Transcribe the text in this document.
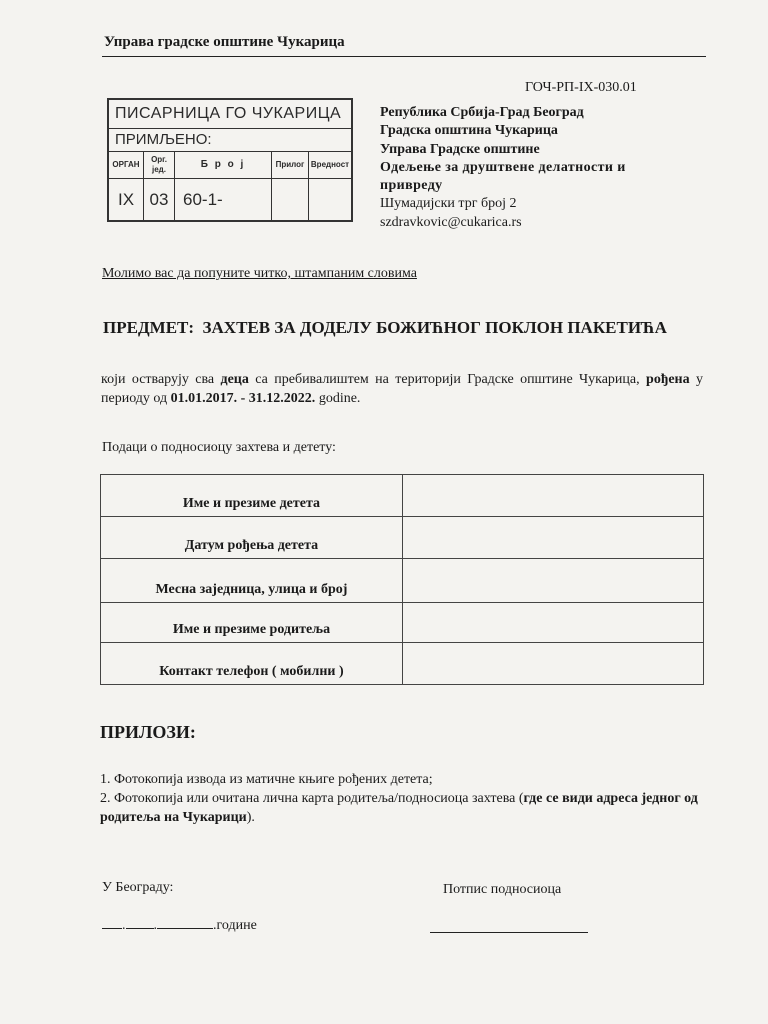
Управа градске општине Чукарица
ГОЧ-РП-IX-030.01
ПИСАРНИЦА ГО ЧУКАРИЦА
ПРИМЉЕНО:
ОРГАН	Орг. јед.	Б р о ј	Прилог	Вредност
IX	03	60-1-		
Република Србија-Град Београд
Градска општина Чукарица
Управа Градске општине
Одељење за друштвене делатности и привреду
Шумадијски трг број 2
szdravkovic@cukarica.rs
Молимо вас да попуните читко, штампаним словима
ПРЕДМЕТ:  ЗАХТЕВ ЗА ДОДЕЛУ БОЖИЋНОГ ПОКЛОН ПАКЕТИЋА
који остварују сва деца са пребивалиштем на територији Градске општине Чукарица, рођена у периоду од 01.01.2017. - 31.12.2022. godine.
Подаци о подносиоцу захтева и детету:
Име и презиме детета	
Датум рођења детета	
Месна заједница, улица и број	
Име и презиме родитеља	
Контакт телефон ( мобилни )	
ПРИЛОЗИ:
1. Фотокопија извода из матичне књиге рођених детета;
2. Фотокопија или очитана лична карта родитеља/подносиоца захтева (где се види адреса једног од родитеља на Чукарици).
У Београду:	Потпис подносиоца
. .	.године
